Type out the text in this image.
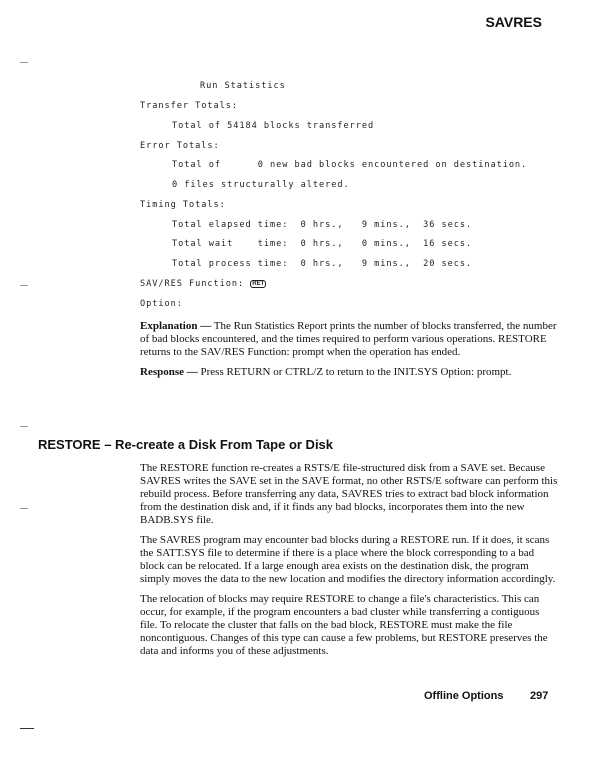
SAVRES
Run Statistics
Transfer Totals:
Total of 54184 blocks transferred
Error Totals:
Total of      0 new bad blocks encountered on destination.
0 files structurally altered.
Timing Totals:
Total elapsed time:  0 hrs.,   9 mins.,  36 secs.
Total wait    time:  0 hrs.,   0 mins.,  16 secs.
Total process time:  0 hrs.,   9 mins.,  20 secs.
SAV/RES Function: RET
Option:

Explanation — The Run Statistics Report prints the number of blocks transferred, the number of bad blocks encountered, and the times required to perform various operations. RESTORE returns to the SAV/RES Function: prompt when the operation has ended.

Response — Press RETURN or CTRL/Z to return to the INIT.SYS Option: prompt.

RESTORE – Re-create a Disk From Tape or Disk

The RESTORE function re-creates a RSTS/E file-structured disk from a SAVE set. Because SAVRES writes the SAVE set in the SAVE format, no other RSTS/E software can perform this rebuild process. Before transferring any data, SAVRES tries to extract bad block information from the destination disk and, if it finds any bad blocks, incorporates them into the new BADB.SYS file.

The SAVRES program may encounter bad blocks during a RESTORE run. If it does, it scans the SATT.SYS file to determine if there is a place where the block corresponding to a bad block can be relocated. If a large enough area exists on the destination disk, the program simply moves the data to the new location and modifies the directory information accordingly.

The relocation of blocks may require RESTORE to change a file's characteristics. This can occur, for example, if the program encounters a bad cluster while transferring a contiguous file. To relocate the cluster that falls on the bad block, RESTORE must make the file noncontiguous. Changes of this type can cause a few problems, but RESTORE preserves the data and informs you of these adjustments.

Offline Options 297
